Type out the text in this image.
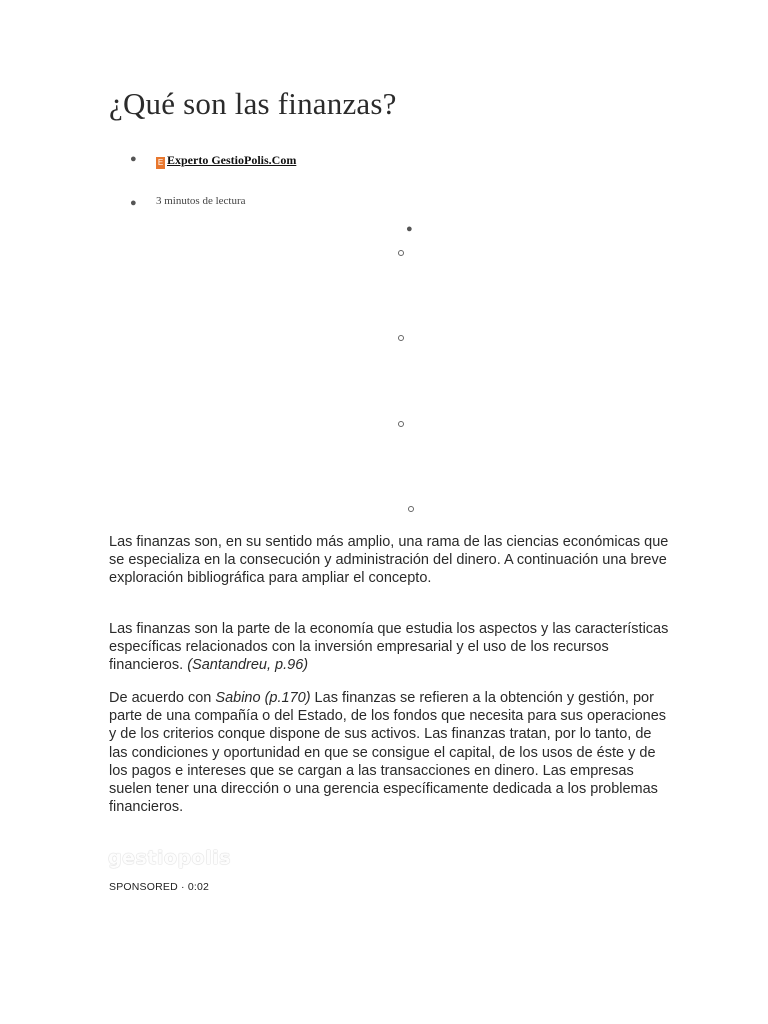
¿Qué son las finanzas?
●	E Experto GestioPolis.Com
● 3 minutos de lectura
●

Las finanzas son, en su sentido más amplio, una rama de las ciencias económicas que se especializa en la consecución y administración del dinero. A continuación una breve exploración bibliográfica para ampliar el concepto.

Las finanzas son la parte de la economía que estudia los aspectos y las características específicas relacionados con la inversión empresarial y el uso de los recursos financieros. (Santandreu, p.96)

De acuerdo con Sabino (p.170) Las finanzas se refieren a la obtención y gestión, por parte de una compañía o del Estado, de los fondos que necesita para sus operaciones y de los criterios conque dispone de sus activos. Las finanzas tratan, por lo tanto, de las condiciones y oportunidad en que se consigue el capital, de los usos de éste y de los pagos e intereses que se cargan a las transacciones en dinero. Las empresas suelen tener una dirección o una gerencia específicamente dedicada a los problemas financieros.

gestiopolis
SPONSORED · 0:02
